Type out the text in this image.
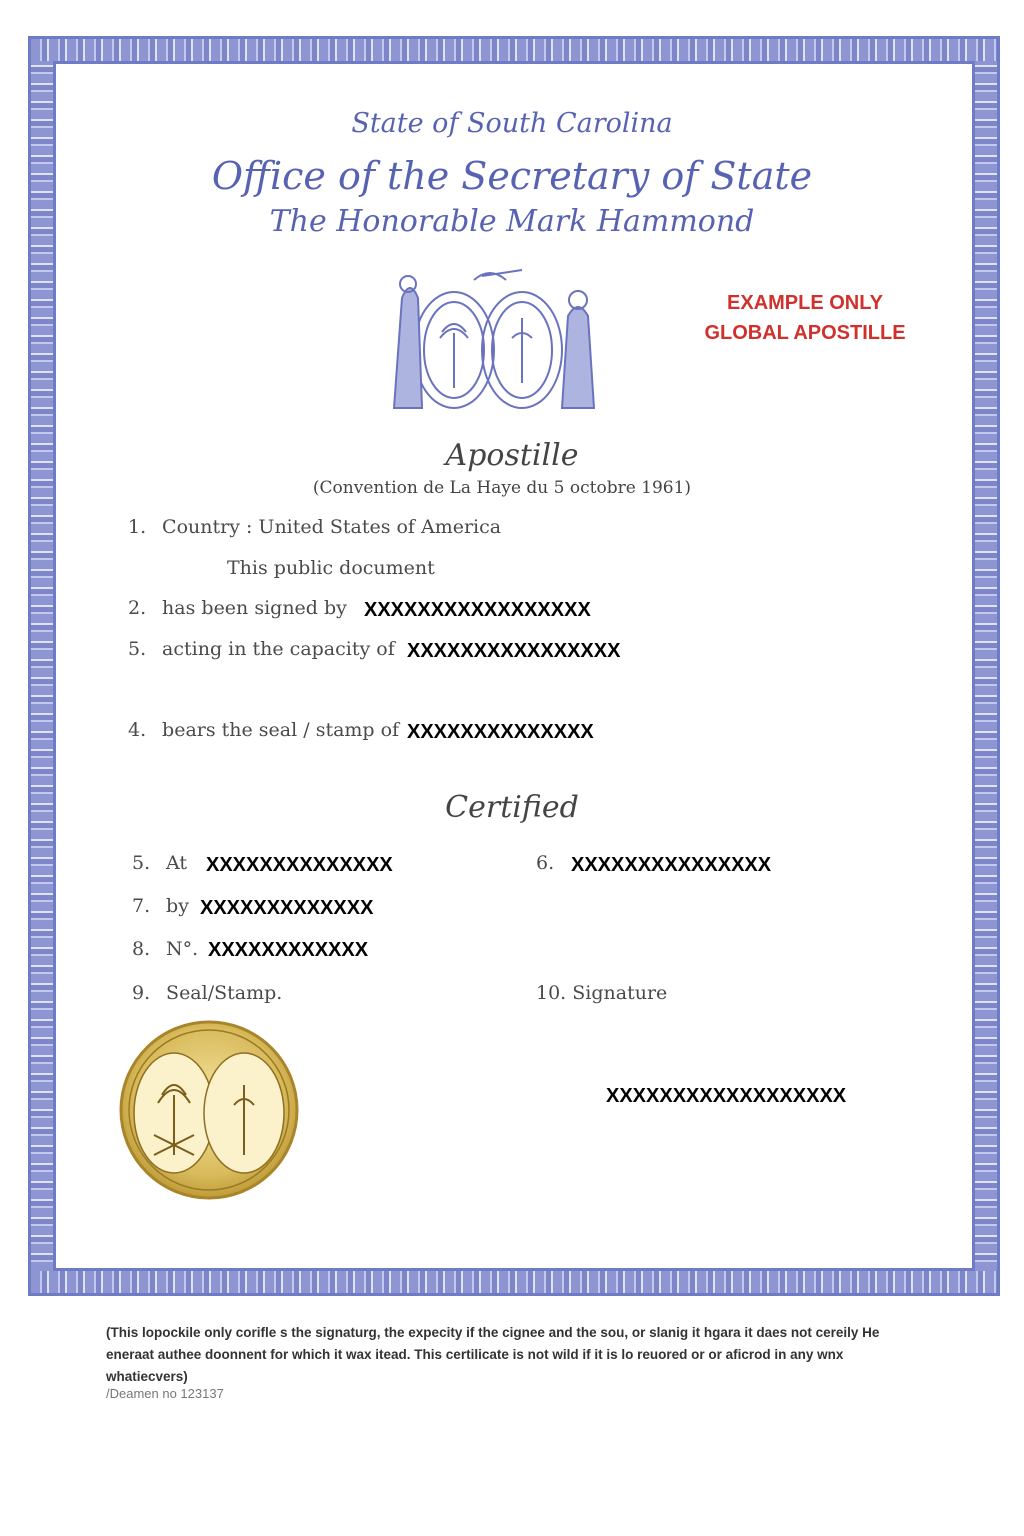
State of South Carolina
Office of the Secretary of State
The Honorable Mark Hammond
EXAMPLE ONLY
GLOBAL APOSTILLE
Apostille
(Convention de La Haye du 5 octobre 1961)
1. Country : United States of America
This public document
2. has been signed by XXXXXXXXXXXXXXXXX
5. acting in the capacity of XXXXXXXXXXXXXXXX
4. bears the seal / stamp of XXXXXXXXXXXXXX
Certified
5. At XXXXXXXXXXXXXX	6. XXXXXXXXXXXXXXX
7. by XXXXXXXXXXXXX
8. N°. XXXXXXXXXXXX
9. Seal/Stamp.	10. Signature
XXXXXXXXXXXXXXXXXX
(This lopockile only corifle s the signaturg, the expecity if the cignee and the sou, or slanig it hgara it daes not cereily He eneraat authee doonnent for which it wax itead. This certilicate is not wild if it is lo reuored or or aficrod in any wnx whatiecvers)
/Deamen no 123137
